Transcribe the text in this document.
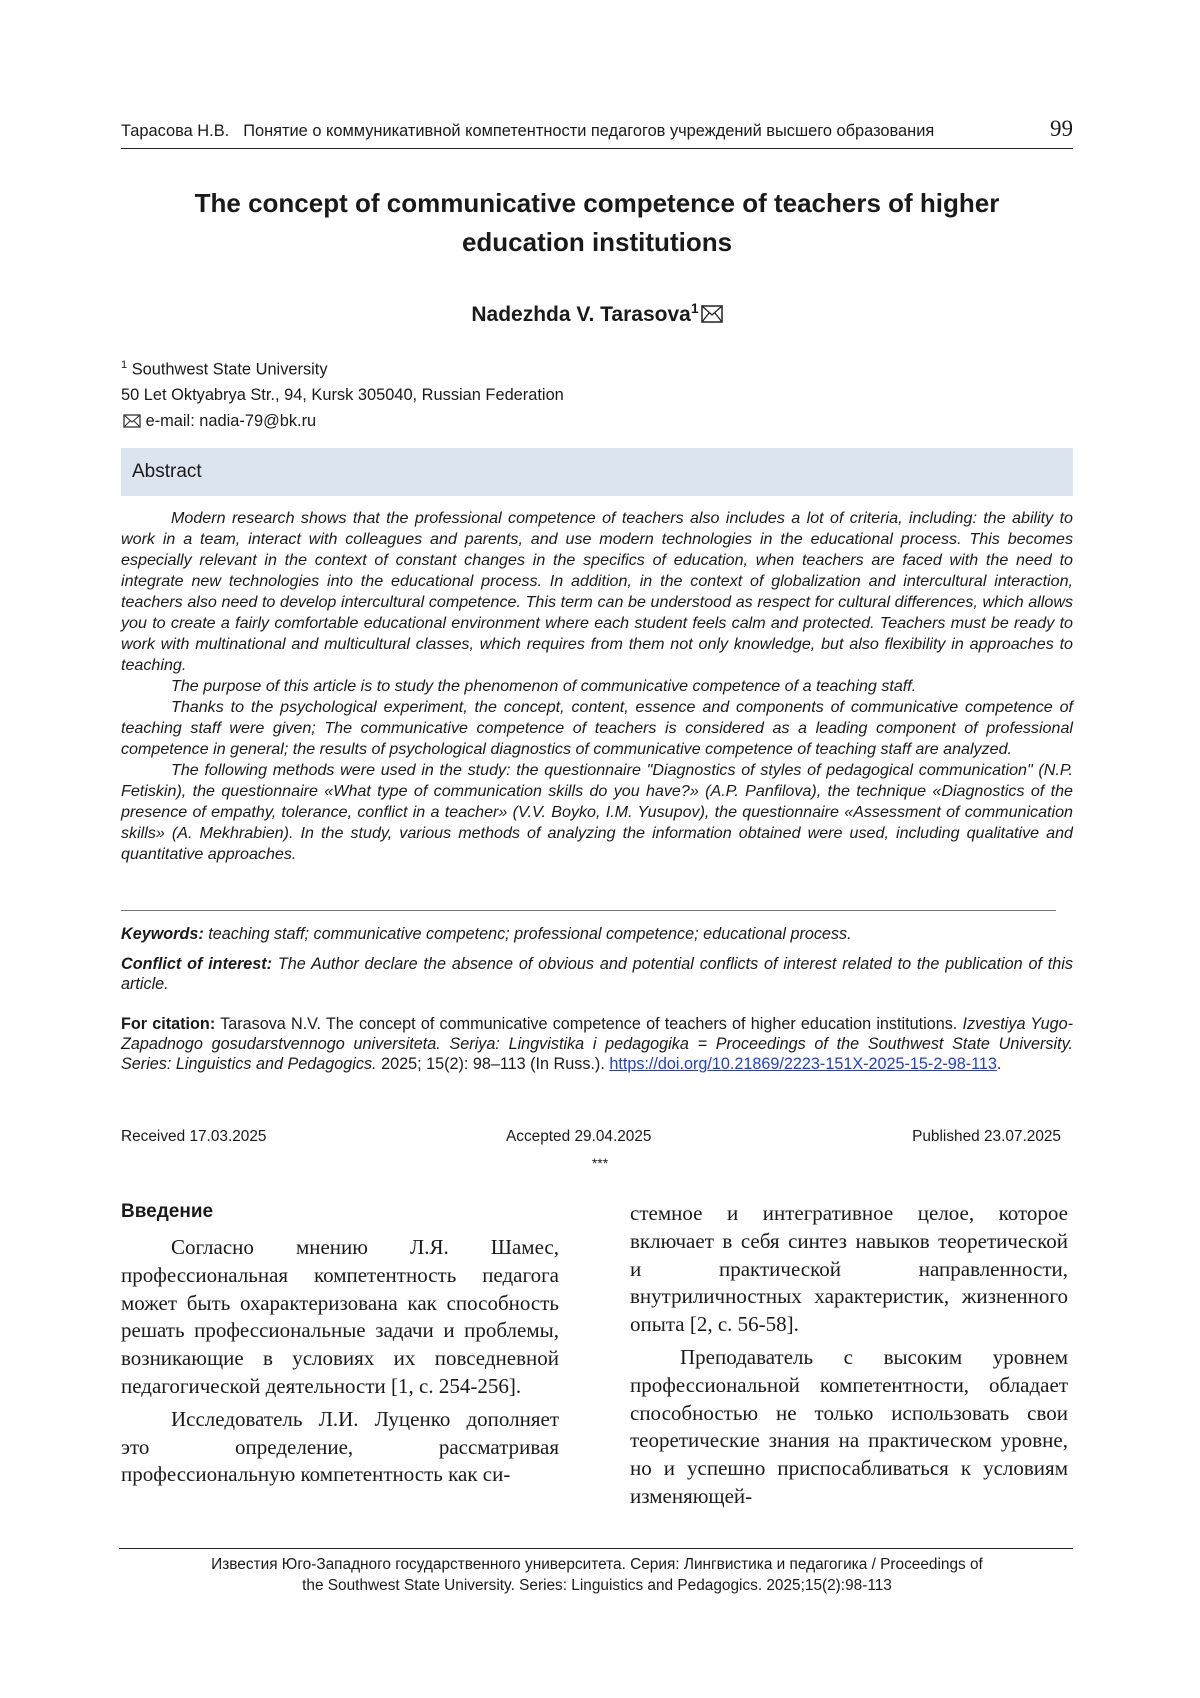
Тарасова Н.В. Понятие о коммуникативной компетентности педагогов учреждений высшего образования	99
The concept of communicative competence of teachers of higher
education institutions
Nadezhda V. Tarasova$^1$
$^1$ Southwest State University
50 Let Oktyabrya Str., 94, Kursk 305040, Russian Federation
e-mail: nadia-79@bk.ru
Abstract

Modern research shows that the professional competence of teachers also includes a lot of criteria, including: the ability to work in a team, interact with colleagues and parents, and use modern technologies in the educational process. This becomes especially relevant in the context of constant changes in the specifics of education, when teachers are faced with the need to integrate new technologies into the educational process. In addition, in the context of globalization and intercultural interaction, teachers also need to develop intercultural competence. This term can be understood as respect for cultural differences, which allows you to create a fairly comfortable educational environment where each student feels calm and protected. Teachers must be ready to work with multinational and multicultural classes, which requires from them not only knowledge, but also flexibility in approaches to teaching.

The purpose of this article is to study the phenomenon of communicative competence of a teaching staff.

Thanks to the psychological experiment, the concept, content, essence and components of communicative competence of teaching staff were given; The communicative competence of teachers is considered as a leading component of professional competence in general; the results of psychological diagnostics of communicative competence of teaching staff are analyzed.

The following methods were used in the study: the questionnaire "Diagnostics of styles of pedagogical communication" (N.P. Fetiskin), the questionnaire «What type of communication skills do you have?» (A.P. Panfilova), the technique «Diagnostics of the presence of empathy, tolerance, conflict in a teacher» (V.V. Boyko, I.M. Yusupov), the questionnaire «Assessment of communication skills» (A. Mekhrabien). In the study, various methods of analyzing the information obtained were used, including qualitative and quantitative approaches.

Keywords: teaching staff; communicative competenc; professional competence; educational process.
Conflict of interest: The Author declare the absence of obvious and potential conflicts of interest related to the publication of this article.
For citation: Tarasova N.V. The concept of communicative competence of teachers of higher education institutions. Izvestiya Yugo-Zapadnogo gosudarstvennogo universiteta. Seriya: Lingvistika i pedagogika = Proceedings of the Southwest State University. Series: Linguistics and Pedagogics. 2025; 15(2): 98–113 (In Russ.). https://doi.org/10.21869/2223-151X-2025-15-2-98-113.
Received 17.03.2025	Accepted 29.04.2025	Published 23.07.2025
***
Введение

Согласно мнению Л.Я. Шамес, профессиональная компетентность педагога может быть охарактеризована как способность решать профессиональные задачи и проблемы, возникающие в условиях их повседневной педагогической деятельности [1, с. 254-256].

Исследователь Л.И. Луценко дополняет это определение, рассматривая профессиональную компетентность как си-

стемное и интегративное целое, которое включает в себя синтез навыков теоретической и практической направленности, внутриличностных характеристик, жизненного опыта [2, с. 56-58].

Преподаватель с высоким уровнем профессиональной компетентности, обладает способностью не только использовать свои теоретические знания на практическом уровне, но и успешно приспосабливаться к условиям изменяющей-

Известия Юго-Западного государственного университета. Серия: Лингвистика и педагогика / Proceedings of
the Southwest State University. Series: Linguistics and Pedagogics. 2025;15(2):98-113
